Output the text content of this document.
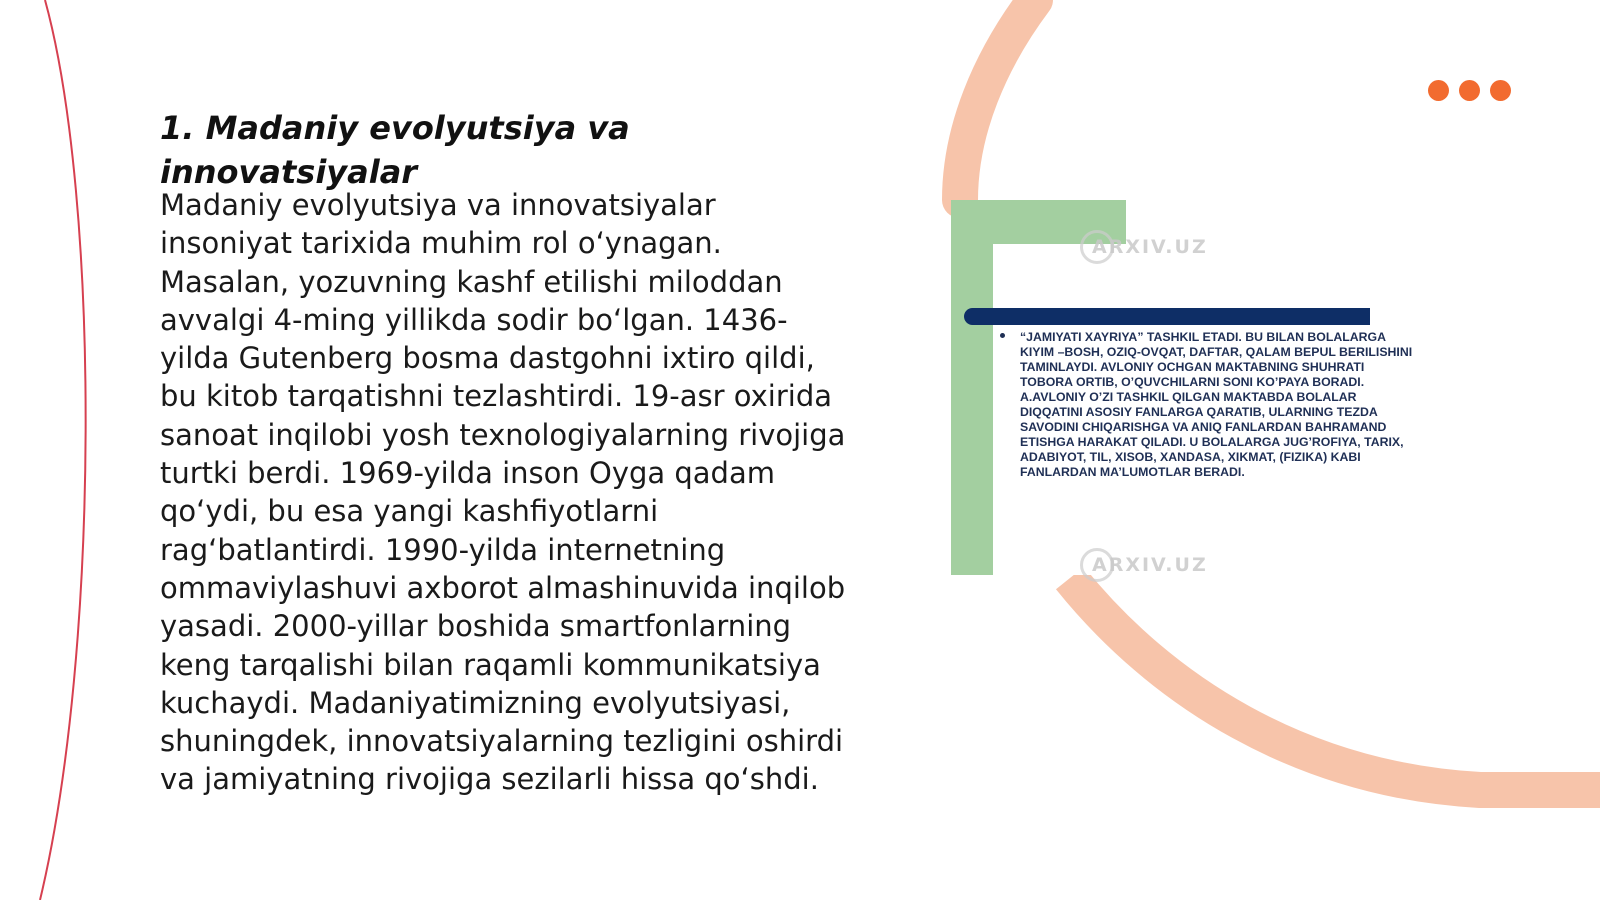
1. Madaniy evolyutsiya va innovatsiyalar

Madaniy evolyutsiya va innovatsiyalar insoniyat tarixida muhim rol o‘ynagan. Masalan, yozuvning kashf etilishi miloddan avvalgi 4-ming yillikda sodir bo‘lgan. 1436-yilda Gutenberg bosma dastgohni ixtiro qildi, bu kitob tarqatishni tezlashtirdi. 19-asr oxirida sanoat inqilobi yosh texnologiyalarning rivojiga turtki berdi. 1969-yilda inson Oyga qadam qo‘ydi, bu esa yangi kashfiyotlarni rag‘batlantirdi. 1990-yilda internetning ommaviylashuvi axborot almashinuvida inqilob yasadi. 2000-yillar boshida smartfonlarning keng tarqalishi bilan raqamli kommunikatsiya kuchaydi. Madaniyatimizning evolyutsiyasi, shuningdek, innovatsiyalarning tezligini oshirdi va jamiyatning rivojiga sezilarli hissa qo‘shdi.

ARXIV.UZ

“JAMIYATI XAYRIYA” TASHKIL ETADI. BU BILAN BOLALARGA KIYIM –BOSH, OZIQ-OVQAT, DAFTAR, QALAM BEPUL BERILISHINI TAMINLAYDI. AVLONIY OCHGAN MAKTABNING SHUHRATI TOBORA ORTIB, O’QUVCHILARNI SONI KO’PAYA BORADI. A.AVLONIY O’ZI TASHKIL QILGAN MAKTABDA BOLALAR DIQQATINI ASOSIY FANLARGA QARATIB, ULARNING TEZDA SAVODINI CHIQARISHGA VA ANIQ FANLARDAN BAHRAMAND ETISHGA HARAKAT QILADI. U BOLALARGA JUG’ROFIYA, TARIX, ADABIYOT, TIL, XISOB, XANDASA, XIKMAT, (FIZIKA) KABI FANLARDAN MA’LUMOTLAR BERADI.

ARXIV.UZ
